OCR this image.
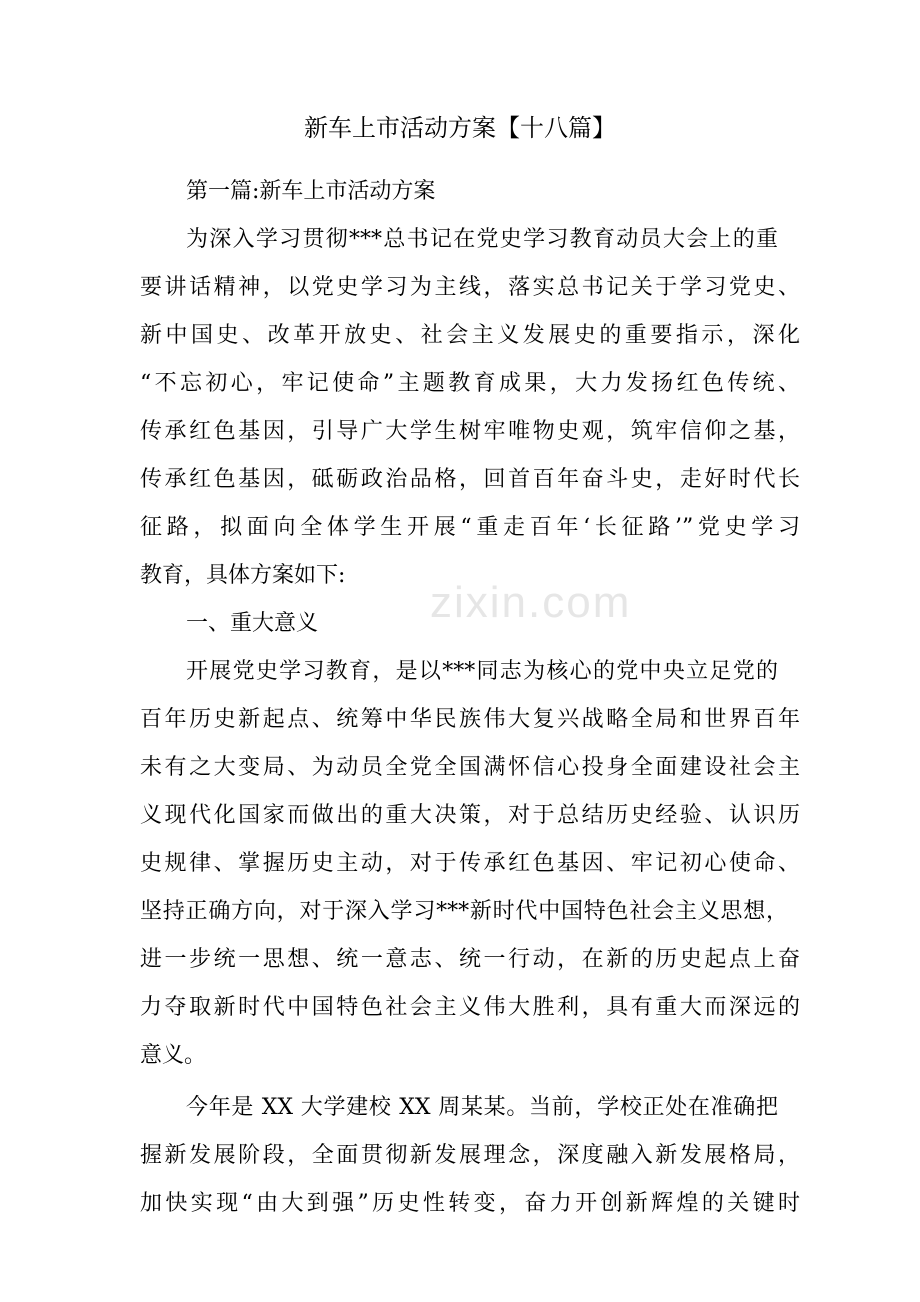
zixin.com
新车上市活动方案【十八篇】
第一篇:新车上市活动方案
为深入学习贯彻***总书记在党史学习教育动员大会上的重
要讲话精神，以党史学习为主线，落实总书记关于学习党史、
新中国史、改革开放史、社会主义发展史的重要指示，深化
“不忘初心，牢记使命”主题教育成果，大力发扬红色传统、
传承红色基因，引导广大学生树牢唯物史观，筑牢信仰之基，
传承红色基因，砥砺政治品格，回首百年奋斗史，走好时代长
征路，拟面向全体学生开展“重走百年‘长征路’”党史学习
教育，具体方案如下:
一、重大意义
开展党史学习教育，是以***同志为核心的党中央立足党的
百年历史新起点、统筹中华民族伟大复兴战略全局和世界百年
未有之大变局、为动员全党全国满怀信心投身全面建设社会主
义现代化国家而做出的重大决策，对于总结历史经验、认识历
史规律、掌握历史主动，对于传承红色基因、牢记初心使命、
坚持正确方向，对于深入学习***新时代中国特色社会主义思想，
进一步统一思想、统一意志、统一行动，在新的历史起点上奋
力夺取新时代中国特色社会主义伟大胜利，具有重大而深远的
意义。
今年是 XX 大学建校 XX 周某某。当前，学校正处在准确把
握新发展阶段，全面贯彻新发展理念，深度融入新发展格局，
加快实现“由大到强”历史性转变，奋力开创新辉煌的关键时
